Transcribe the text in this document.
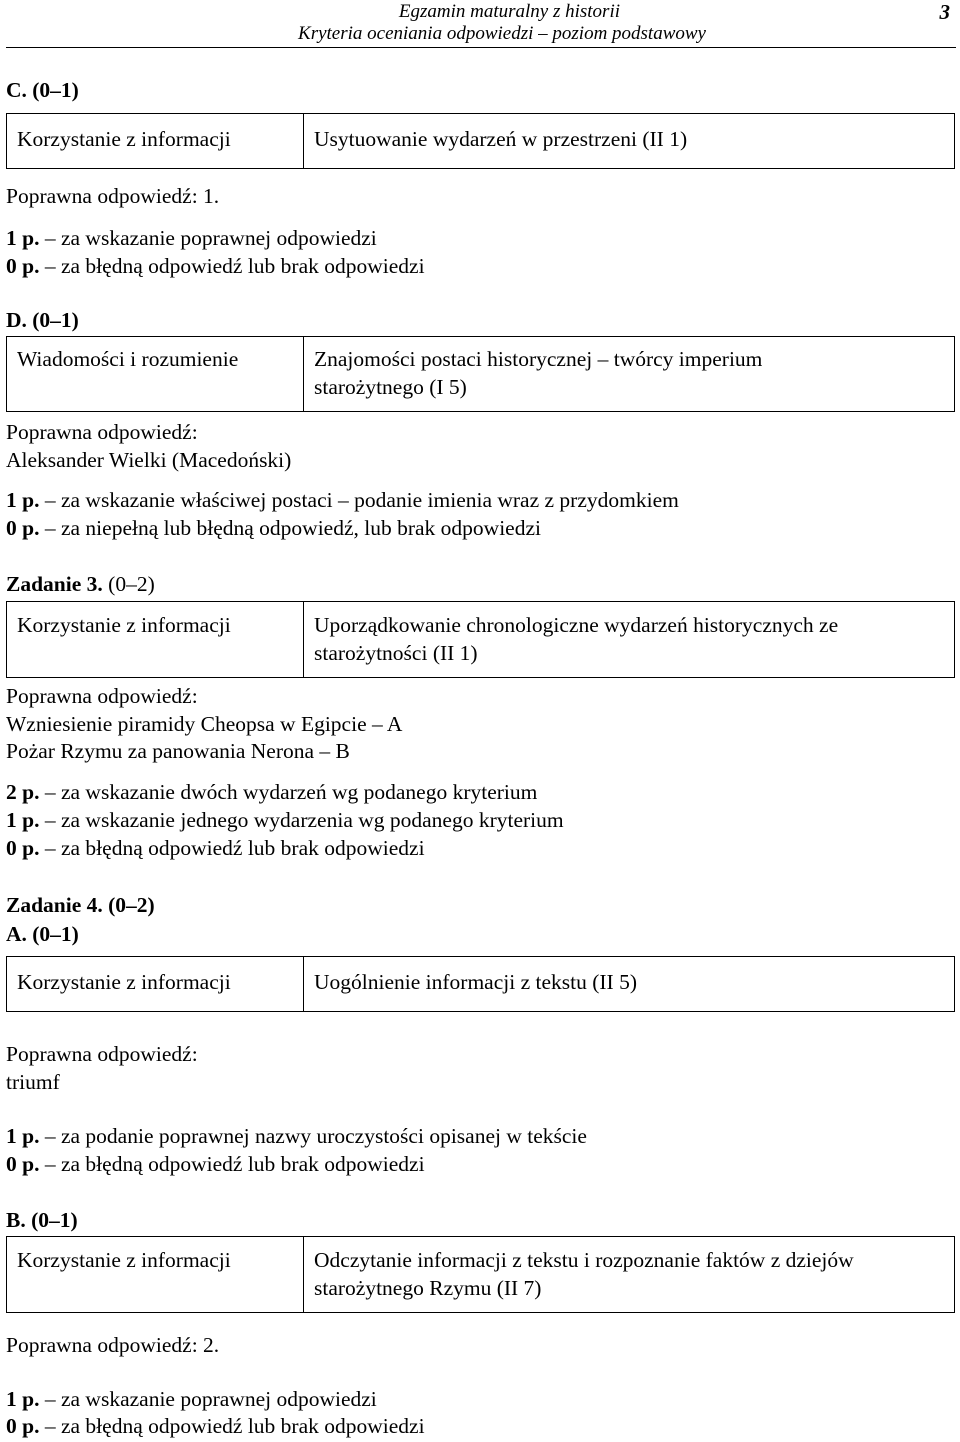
Egzamin maturalny z historii
Kryteria oceniania odpowiedzi – poziom podstawowy
3
C. (0–1)
Korzystanie z informacji	Usytuowanie wydarzeń w przestrzeni (II 1)
Poprawna odpowiedź: 1.
1 p. – za wskazanie poprawnej odpowiedzi
0 p. – za błędną odpowiedź lub brak odpowiedzi
D. (0–1)
Wiadomości i rozumienie	Znajomości postaci historycznej – twórcy imperium starożytnego (I 5)
Poprawna odpowiedź:
Aleksander Wielki (Macedoński)
1 p. – za wskazanie właściwej postaci – podanie imienia wraz z przydomkiem
0 p. – za niepełną lub błędną odpowiedź, lub brak odpowiedzi
Zadanie 3. (0–2)
Korzystanie z informacji	Uporządkowanie chronologiczne wydarzeń historycznych ze starożytności (II 1)
Poprawna odpowiedź:
Wzniesienie piramidy Cheopsa w Egipcie – A
Pożar Rzymu za panowania Nerona – B
2 p. – za wskazanie dwóch wydarzeń wg podanego kryterium
1 p. – za wskazanie jednego wydarzenia wg podanego kryterium
0 p. – za błędną odpowiedź lub brak odpowiedzi
Zadanie 4. (0–2)
A. (0–1)
Korzystanie z informacji	Uogólnienie informacji z tekstu (II 5)
Poprawna odpowiedź:
triumf
1 p. – za podanie poprawnej nazwy uroczystości opisanej w tekście
0 p. – za błędną odpowiedź lub brak odpowiedzi
B. (0–1)
Korzystanie z informacji	Odczytanie informacji z tekstu i rozpoznanie faktów z dziejów starożytnego Rzymu (II 7)
Poprawna odpowiedź: 2.
1 p. – za wskazanie poprawnej odpowiedzi
0 p. – za błędną odpowiedź lub brak odpowiedzi
